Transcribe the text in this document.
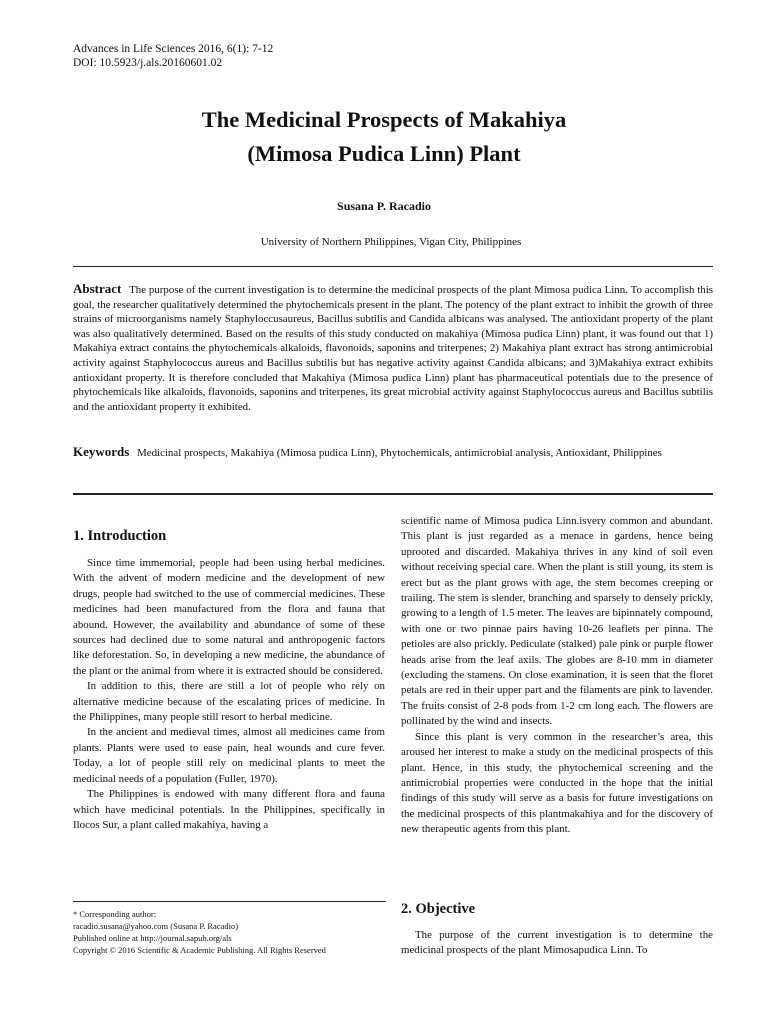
Advances in Life Sciences 2016, 6(1): 7-12
DOI: 10.5923/j.als.20160601.02
The Medicinal Prospects of Makahiya
(Mimosa Pudica Linn) Plant
Susana P. Racadio
University of Northern Philippines, Vigan City, Philippines
Abstract The purpose of the current investigation is to determine the medicinal prospects of the plant Mimosa pudica Linn. To accomplish this goal, the researcher qualitatively determined the phytochemicals present in the plant. The potency of the plant extract to inhibit the growth of three strains of microorganisms namely Staphyloccusaureus, Bacillus subtilis and Candida albicans was analysed. The antioxidant property of the plant was also qualitatively determined. Based on the results of this study conducted on makahiya (Mimosa pudica Linn) plant, it was found out that 1) Makahiya extract contains the phytochemicals alkaloids, flavonoids, saponins and triterpenes; 2) Makahiya plant extract has strong antimicrobial activity against Staphylococcus aureus and Bacillus subtilis but has negative activity against Candida albicans; and 3)Makahiya extract exhibits antioxidant property. It is therefore concluded that Makahiya (Mimosa pudica Linn) plant has pharmaceutical potentials due to the presence of phytochemicals like alkaloids, flavonoids, saponins and triterpenes, its great microbial activity against Staphylococcus aureus and Bacillus subtilis and the antioxidant property it exhibited.
Keywords Medicinal prospects, Makahiya (Mimosa pudica Linn), Phytochemicals, antimicrobial analysis, Antioxidant, Philippines
1. Introduction

Since time immemorial, people had been using herbal medicines. With the advent of modern medicine and the development of new drugs, people had switched to the use of commercial medicines. These medicines had been manufactured from the flora and fauna that abound. However, the availability and abundance of some of these sources had declined due to some natural and anthropogenic factors like deforestation. So, in developing a new medicine, the abundance of the plant or the animal from where it is extracted should be considered.

In addition to this, there are still a lot of people who rely on alternative medicine because of the escalating prices of medicine. In the Philippines, many people still resort to herbal medicine.

In the ancient and medieval times, almost all medicines came from plants. Plants were used to ease pain, heal wounds and cure fever. Today, a lot of people still rely on medicinal plants to meet the medicinal needs of a population (Fuller, 1970).

The Philippines is endowed with many different flora and fauna which have medicinal potentials. In the Philippines, specifically in Ilocos Sur, a plant called makahiya, having a

* Corresponding author:
racadio.susana@yahoo.com (Susana P. Racadio)
Published online at http://journal.sapub.org/als
Copyright © 2016 Scientific & Academic Publishing. All Rights Reserved

scientific name of Mimosa pudica Linn.isvery common and abundant. This plant is just regarded as a menace in gardens, hence being uprooted and discarded. Makahiya thrives in any kind of soil even without receiving special care. When the plant is still young, its stem is erect but as the plant grows with age, the stem becomes creeping or trailing. The stem is slender, branching and sparsely to densely prickly, growing to a length of 1.5 meter. The leaves are bipinnately compound, with one or two pinnae pairs having 10-26 leaflets per pinna. The petioles are also prickly. Pediculate (stalked) pale pink or purple flower heads arise from the leaf axils. The globes are 8-10 mm in diameter (excluding the stamens. On close examination, it is seen that the floret petals are red in their upper part and the filaments are pink to lavender. The fruits consist of 2-8 pods from 1-2 cm long each. The flowers are pollinated by the wind and insects.

Since this plant is very common in the researcher’s area, this aroused her interest to make a study on the medicinal prospects of this plant. Hence, in this study, the phytochemical screening and the antimicrobial properties were conducted in the hope that the initial findings of this study will serve as a basis for future investigations on the medicinal prospects of this plantmakahiya and for the discovery of new therapeutic agents from this plant.

2. Objective

The purpose of the current investigation is to determine the medicinal prospects of the plant Mimosapudica Linn. To
